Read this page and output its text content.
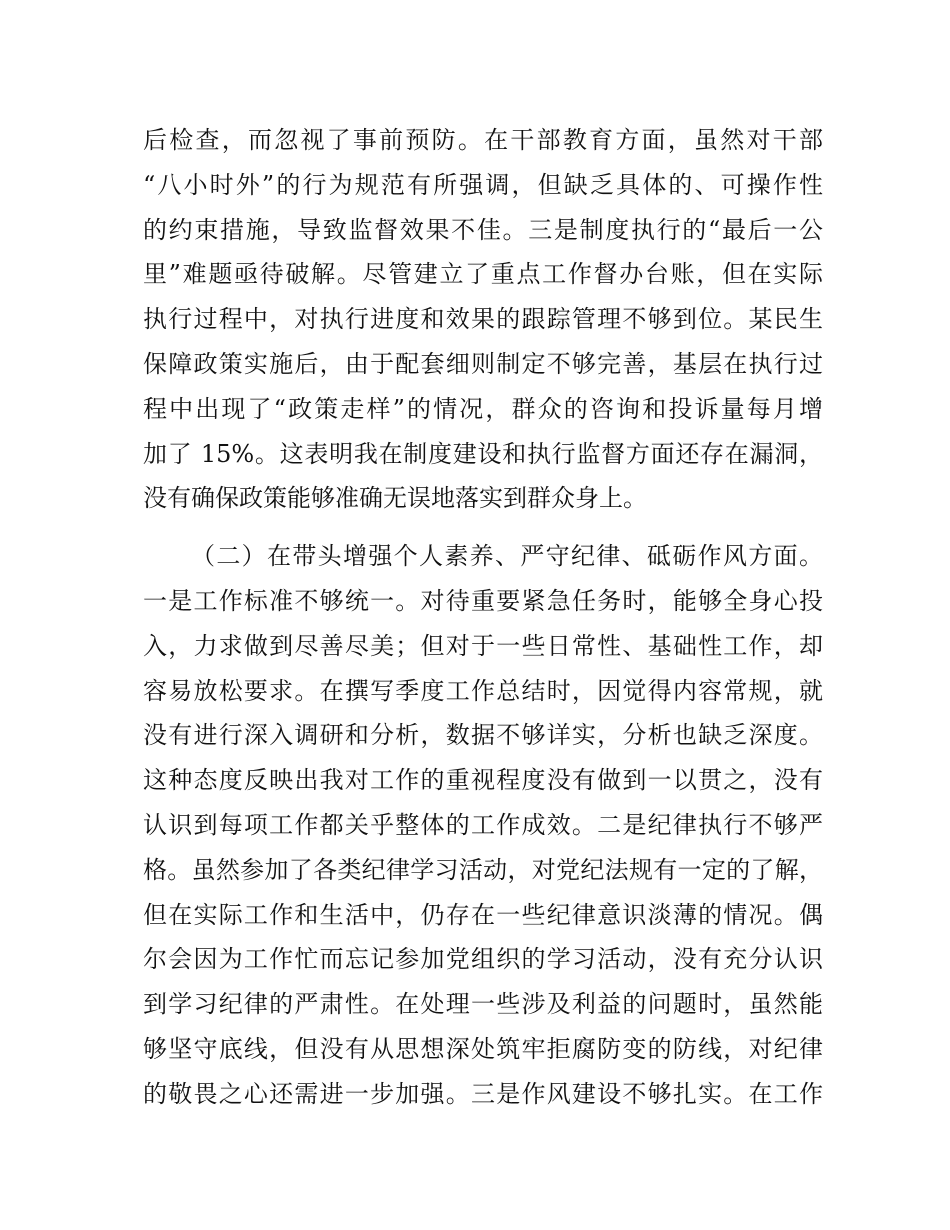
后检查，而忽视了事前预防。在干部教育方面，虽然对干部
“八小时外”的行为规范有所强调，但缺乏具体的、可操作性
的约束措施，导致监督效果不佳。三是制度执行的“最后一公
里”难题亟待破解。尽管建立了重点工作督办台账，但在实际
执行过程中，对执行进度和效果的跟踪管理不够到位。某民生
保障政策实施后，由于配套细则制定不够完善，基层在执行过
程中出现了“政策走样”的情况，群众的咨询和投诉量每月增
加了 15%。这表明我在制度建设和执行监督方面还存在漏洞，
没有确保政策能够准确无误地落实到群众身上。
（二）在带头增强个人素养、严守纪律、砥砺作风方面。
一是工作标准不够统一。对待重要紧急任务时，能够全身心投
入，力求做到尽善尽美；但对于一些日常性、基础性工作，却
容易放松要求。在撰写季度工作总结时，因觉得内容常规，就
没有进行深入调研和分析，数据不够详实，分析也缺乏深度。
这种态度反映出我对工作的重视程度没有做到一以贯之，没有
认识到每项工作都关乎整体的工作成效。二是纪律执行不够严
格。虽然参加了各类纪律学习活动，对党纪法规有一定的了解，
但在实际工作和生活中，仍存在一些纪律意识淡薄的情况。偶
尔会因为工作忙而忘记参加党组织的学习活动，没有充分认识
到学习纪律的严肃性。在处理一些涉及利益的问题时，虽然能
够坚守底线，但没有从思想深处筑牢拒腐防变的防线，对纪律
的敬畏之心还需进一步加强。三是作风建设不够扎实。在工作
